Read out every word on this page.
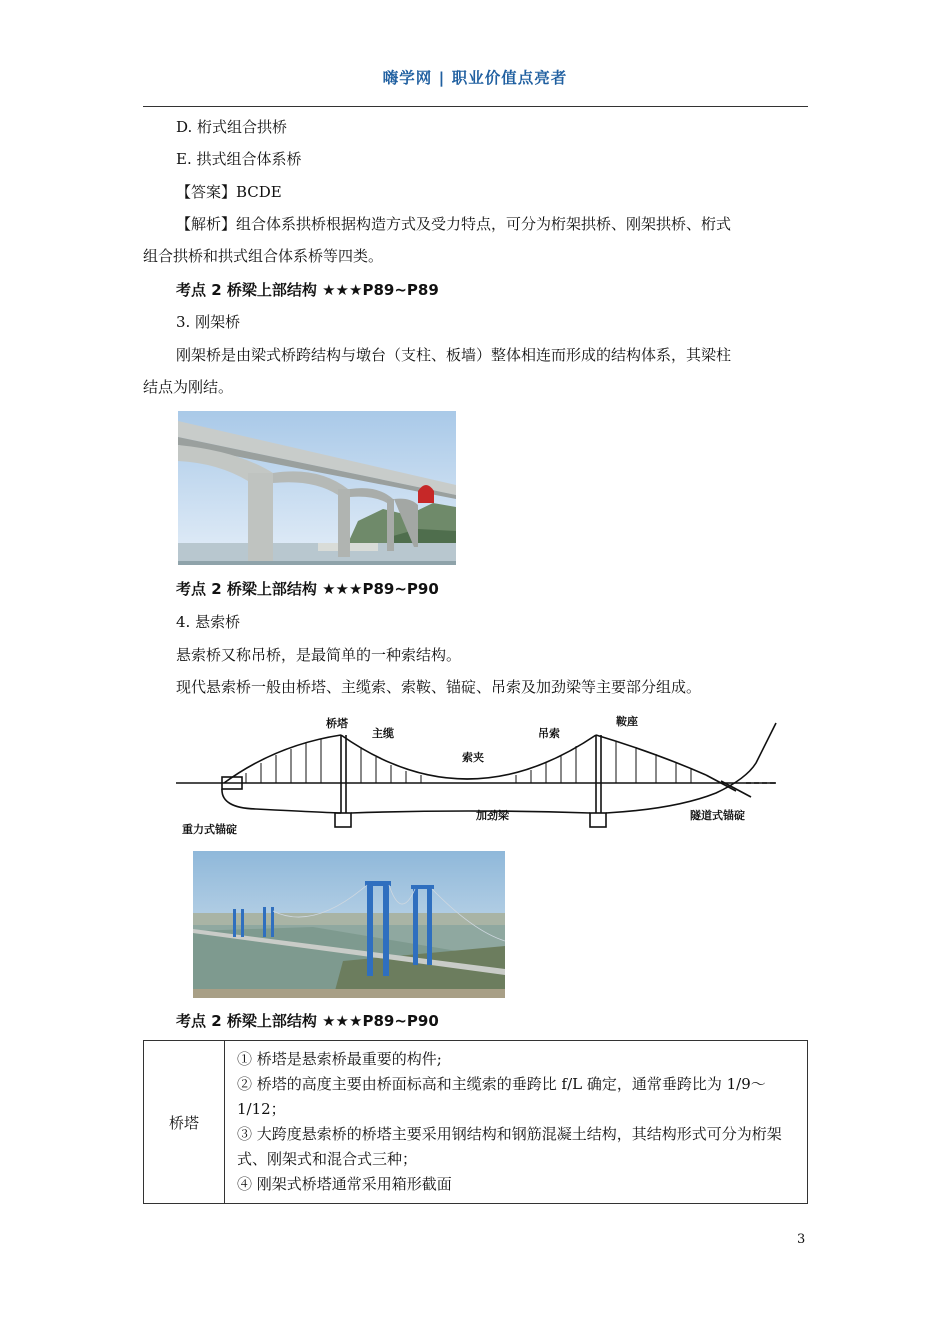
嗨学网 | 职业价值点亮者
D. 桁式组合拱桥
E. 拱式组合体系桥
【答案】BCDE
【解析】组合体系拱桥根据构造方式及受力特点，可分为桁架拱桥、刚架拱桥、桁式
组合拱桥和拱式组合体系桥等四类。
考点 2 桥梁上部结构 ★★★P89~P89
3. 刚架桥
刚架桥是由梁式桥跨结构与墩台（支柱、板墙）整体相连而形成的结构体系，其梁柱
结点为刚结。
考点 2 桥梁上部结构 ★★★P89~P90
4. 悬索桥
悬索桥又称吊桥，是最简单的一种索结构。
现代悬索桥一般由桥塔、主缆索、索鞍、锚碇、吊索及加劲梁等主要部分组成。
桥塔
主缆
索夹
吊索
鞍座
加劲梁
重力式锚碇
隧道式锚碇
考点 2 桥梁上部结构 ★★★P89~P90
桥塔	
① 桥塔是悬索桥最重要的构件;
② 桥塔的高度主要由桥面标高和主缆索的垂跨比 f/L 确定，通常垂跨比为 1/9～1/12；
③ 大跨度悬索桥的桥塔主要采用钢结构和钢筋混凝土结构，其结构形式可分为桁架式、刚架式和混合式三种；
④ 刚架式桥塔通常采用箱形截面
3
